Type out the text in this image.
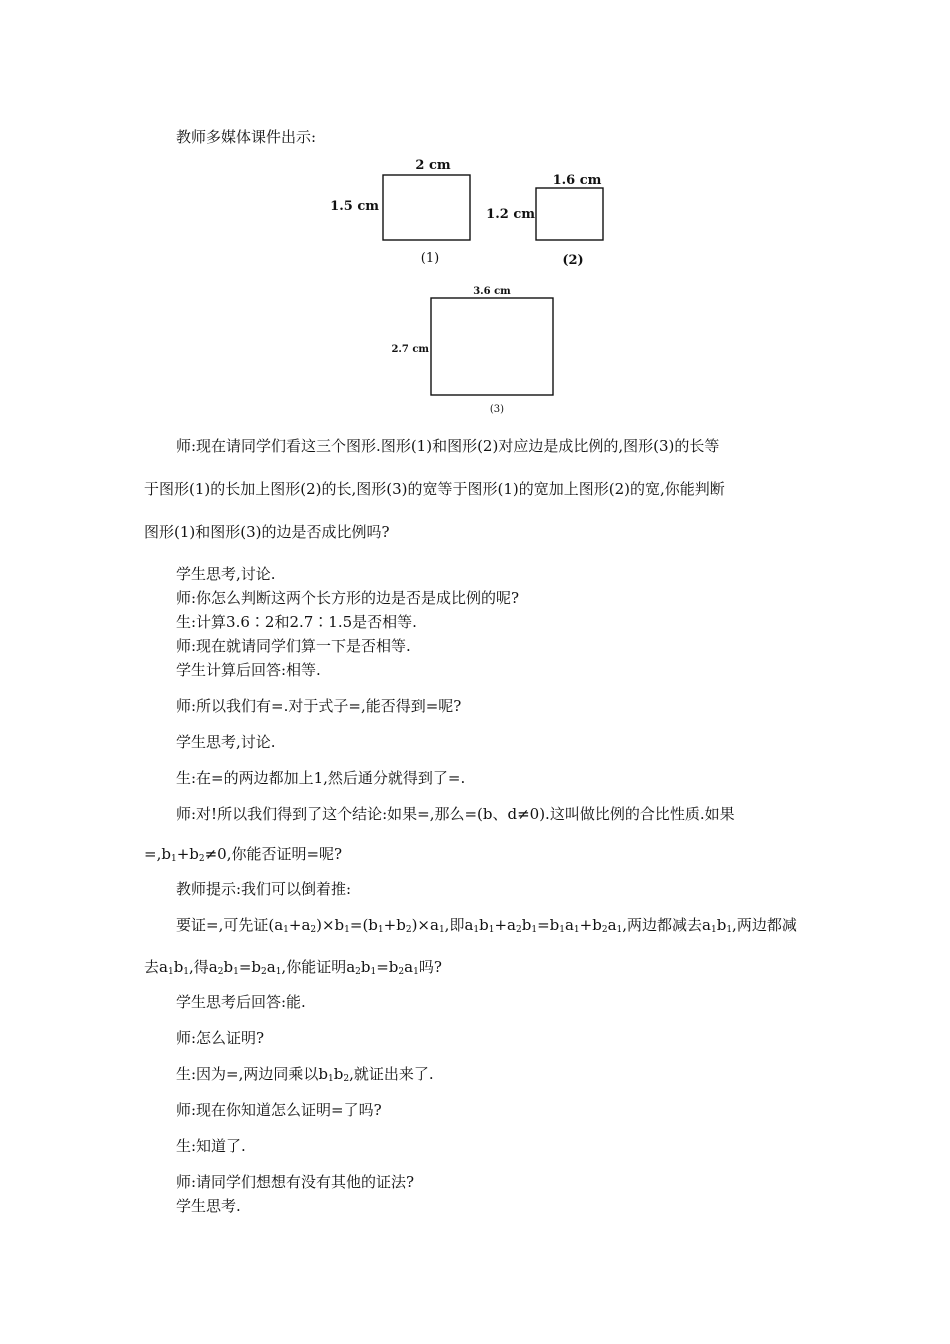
教师多媒体课件出示:
2 cm
1.5 cm
(1)
1.6 cm
1.2 cm
(2)
3.6 cm
2.7 cm
(3)
师:现在请同学们看这三个图形.图形(1)和图形(2)对应边是成比例的,图形(3)的长等
于图形(1)的长加上图形(2)的长,图形(3)的宽等于图形(1)的宽加上图形(2)的宽,你能判断
图形(1)和图形(3)的边是否成比例吗?
学生思考,讨论.
师:你怎么判断这两个长方形的边是否是成比例的呢?
生:计算3.6∶2和2.7∶1.5是否相等.
师:现在就请同学们算一下是否相等.
学生计算后回答:相等.
师:所以我们有=.对于式子=,能否得到=呢?
学生思考,讨论.
生:在=的两边都加上1,然后通分就得到了=.
师:对!所以我们得到了这个结论:如果=,那么=(b、d≠0).这叫做比例的合比性质.如果
$=,b_1+b_2\ne 0$,你能否证明=呢?
教师提示:我们可以倒着推:
要证=,可先证$(a_1+a_2)\times b_1=(b_1+b_2)\times a_1$,即$a_1b_1+a_2b_1=b_1a_1+b_2a_1$,两边都减去$a_1b_1$,两边都减
去$a_1b_1$,得$a_2b_1=b_2a_1$,你能证明$a_2b_1=b_2a_1$吗?
学生思考后回答:能.
师:怎么证明?
生:因为=,两边同乘以$b_1b_2$,就证出来了.
师:现在你知道怎么证明=了吗?
生:知道了.
师:请同学们想想有没有其他的证法?
学生思考.
